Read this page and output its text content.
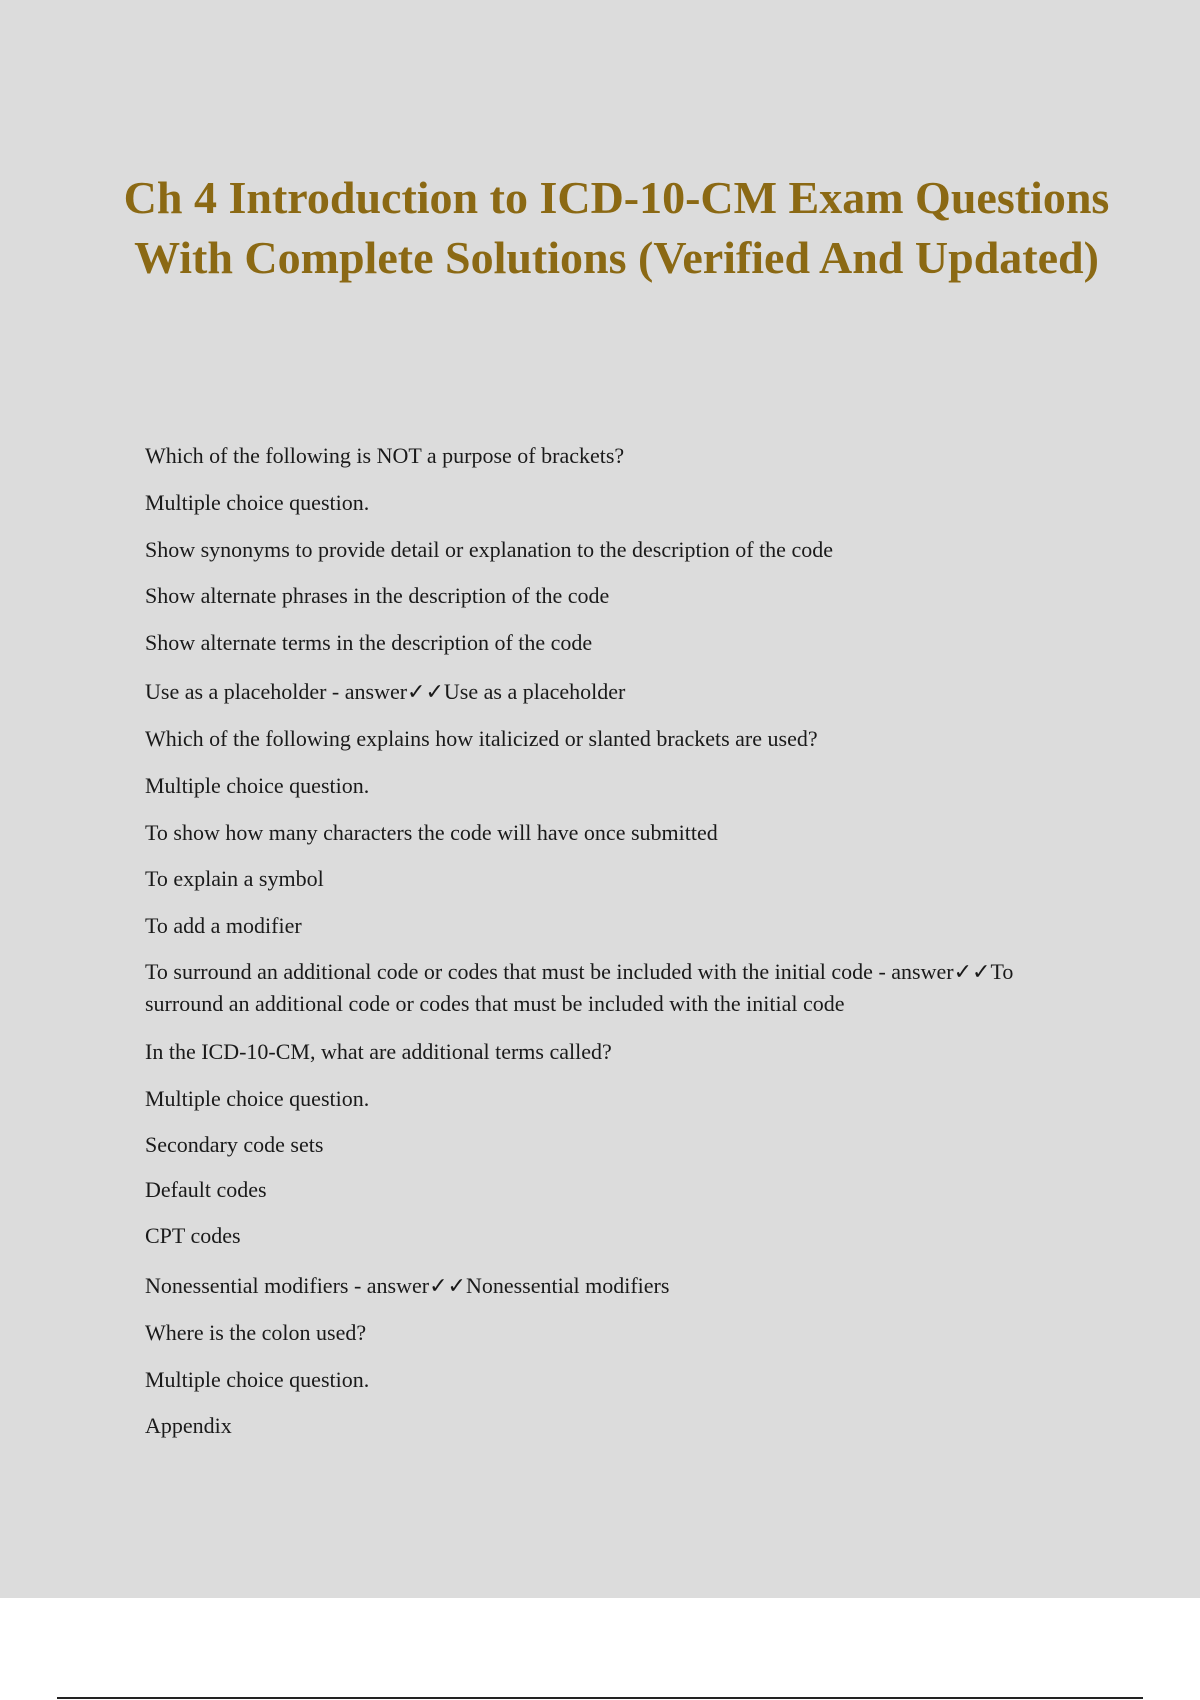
Ch 4 Introduction to ICD-10-CM Exam Questions With Complete Solutions (Verified And Updated)
Which of the following is NOT a purpose of brackets?
Multiple choice question.
Show synonyms to provide detail or explanation to the description of the code
Show alternate phrases in the description of the code
Show alternate terms in the description of the code
Use as a placeholder - answer✓✓Use as a placeholder
Which of the following explains how italicized or slanted brackets are used?
Multiple choice question.
To show how many characters the code will have once submitted
To explain a symbol
To add a modifier
To surround an additional code or codes that must be included with the initial code - answer✓✓To surround an additional code or codes that must be included with the initial code
In the ICD-10-CM, what are additional terms called?
Multiple choice question.
Secondary code sets
Default codes
CPT codes
Nonessential modifiers - answer✓✓Nonessential modifiers
Where is the colon used?
Multiple choice question.
Appendix
